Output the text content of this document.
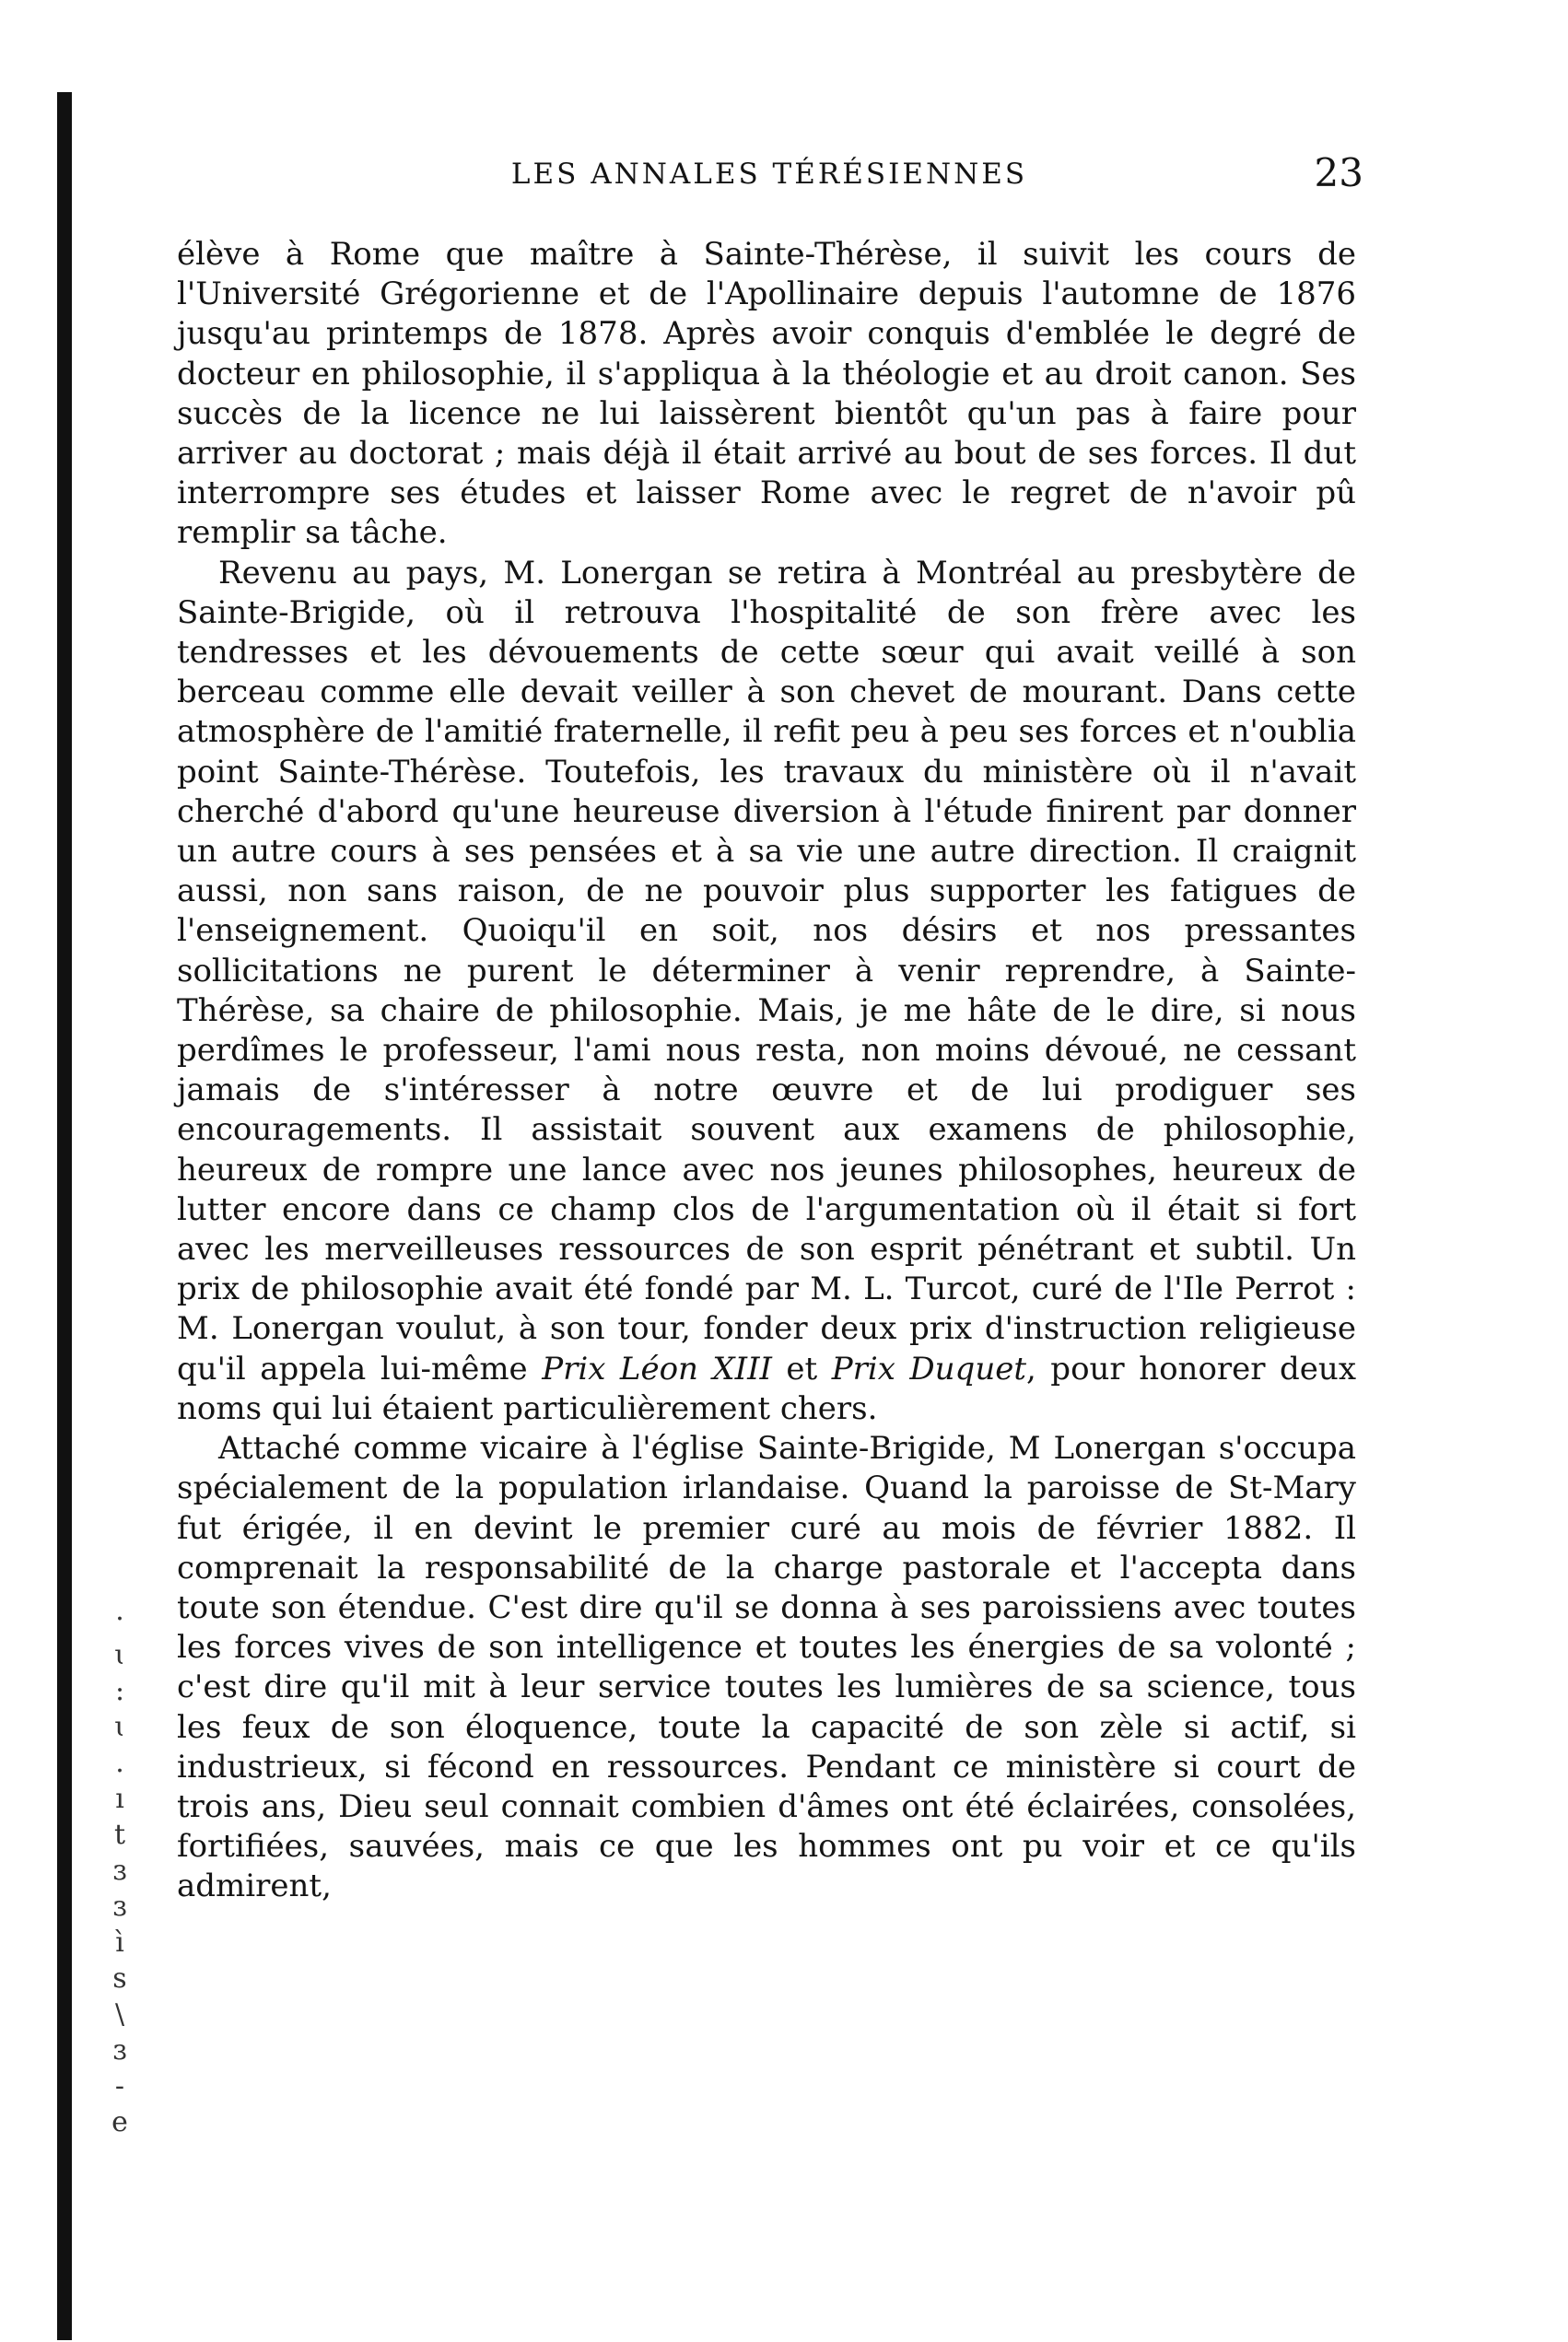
LES ANNALES TÉRÉSIENNES	23

élève à Rome que maître à Sainte-Thérèse, il suivit les cours de l'Université Grégorienne et de l'Apollinaire depuis l'automne de 1876 jusqu'au printemps de 1878. Après avoir conquis d'emblée le degré de docteur en philosophie, il s'appliqua à la théologie et au droit canon. Ses succès de la licence ne lui laissèrent bientôt qu'un pas à faire pour arriver au doctorat ; mais déjà il était arrivé au bout de ses forces. Il dut interrompre ses études et laisser Rome avec le regret de n'avoir pû remplir sa tâche.

Revenu au pays, M. Lonergan se retira à Montréal au presbytère de Sainte-Brigide, où il retrouva l'hospitalité de son frère avec les tendresses et les dévouements de cette sœur qui avait veillé à son berceau comme elle devait veiller à son chevet de mourant. Dans cette atmosphère de l'amitié fraternelle, il refit peu à peu ses forces et n'oublia point Sainte-Thérèse. Toutefois, les travaux du ministère où il n'avait cherché d'abord qu'une heureuse diversion à l'étude finirent par donner un autre cours à ses pensées et à sa vie une autre direction. Il craignit aussi, non sans raison, de ne pouvoir plus supporter les fatigues de l'enseignement. Quoiqu'il en soit, nos désirs et nos pressantes sollicitations ne purent le déterminer à venir reprendre, à Sainte-Thérèse, sa chaire de philosophie. Mais, je me hâte de le dire, si nous perdîmes le professeur, l'ami nous resta, non moins dévoué, ne cessant jamais de s'intéresser à notre œuvre et de lui prodiguer ses encouragements. Il assistait souvent aux examens de philosophie, heureux de rompre une lance avec nos jeunes philosophes, heureux de lutter encore dans ce champ clos de l'argumentation où il était si fort avec les merveilleuses ressources de son esprit pénétrant et subtil. Un prix de philosophie avait été fondé par M. L. Turcot, curé de l'Ile Perrot : M. Lonergan voulut, à son tour, fonder deux prix d'instruction religieuse qu'il appela lui-même Prix Léon XIII et Prix Duquet, pour honorer deux noms qui lui étaient particulièrement chers.

Attaché comme vicaire à l'église Sainte-Brigide, M Lonergan s'occupa spécialement de la population irlandaise. Quand la paroisse de St-Mary fut érigée, il en devint le premier curé au mois de février 1882. Il comprenait la responsabilité de la charge pastorale et l'accepta dans toute son étendue. C'est dire qu'il se donna à ses paroissiens avec toutes les forces vives de son intelligence et toutes les énergies de sa volonté ; c'est dire qu'il mit à leur service toutes les lumières de sa science, tous les feux de son éloquence, toute la capacité de son zèle si actif, si industrieux, si fécond en ressources. Pendant ce ministère si court de trois ans, Dieu seul connait combien d'âmes ont été éclairées, consolées, fortifiées, sauvées, mais ce que les hommes ont pu voir et ce qu'ils admirent,

·
ɩ
:
ɩ
.
ı
t
ɜ
ɜ
ì
s
\
ɜ
-
e
